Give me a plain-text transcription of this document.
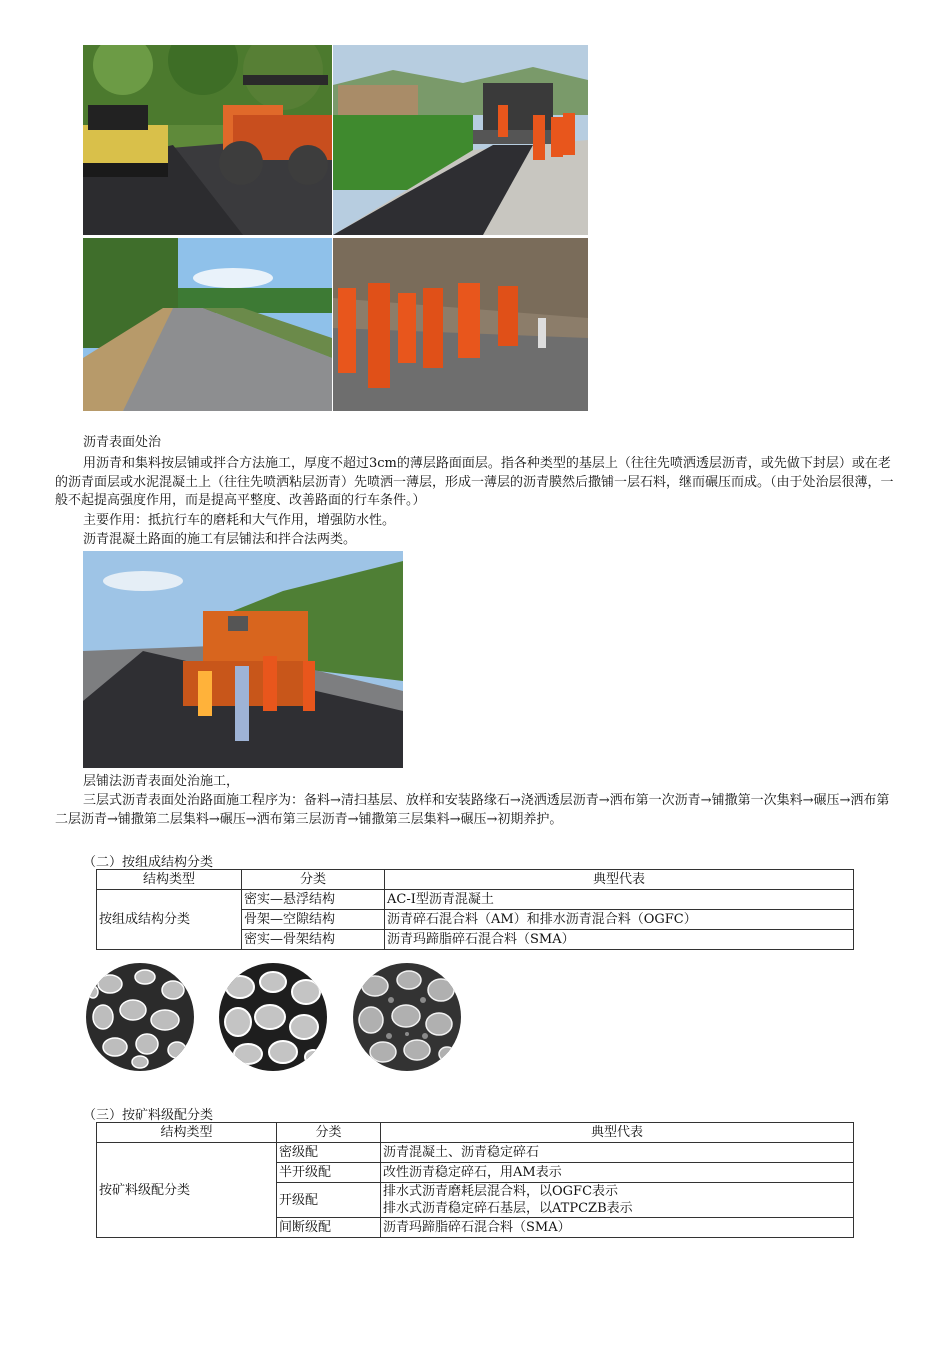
沥青表面处治
用沥青和集料按层铺或拌合方法施工，厚度不超过3cm的薄层路面面层。指各种类型的基层上（往往先喷洒透层沥青，或先做下封层）或在老的沥青面层或水泥混凝土上（往往先喷洒粘层沥青）先喷洒一薄层，形成一薄层的沥青膜然后撒铺一层石料，继而碾压而成。（由于处治层很薄，一般不起提高强度作用，而是提高平整度、改善路面的行车条件。）
主要作用：抵抗行车的磨耗和大气作用，增强防水性。
沥青混凝土路面的施工有层铺法和拌合法两类。
层铺法沥青表面处治施工，
三层式沥青表面处治路面施工程序为：备料→清扫基层、放样和安装路缘石→浇洒透层沥青→洒布第一次沥青→铺撒第一次集料→碾压→洒布第二层沥青→铺撒第二层集料→碾压→洒布第三层沥青→铺撒第三层集料→碾压→初期养护。
（二）按组成结构分类
结构类型	分类	典型代表
按组成结构分类	密实—悬浮结构	AC-I型沥青混凝土
	骨架—空隙结构	沥青碎石混合料（AM）和排水沥青混合料（OGFC）
	密实—骨架结构	沥青玛蹄脂碎石混合料（SMA）
（三）按矿料级配分类
结构类型	分类	典型代表
按矿料级配分类	密级配	沥青混凝土、沥青稳定碎石
	半开级配	改性沥青稳定碎石，用AM表示
	开级配	排水式沥青磨耗层混合料，以OGFC表示
排水式沥青稳定碎石基层，以ATPCZB表示

	间断级配	沥青玛蹄脂碎石混合料（SMA）
